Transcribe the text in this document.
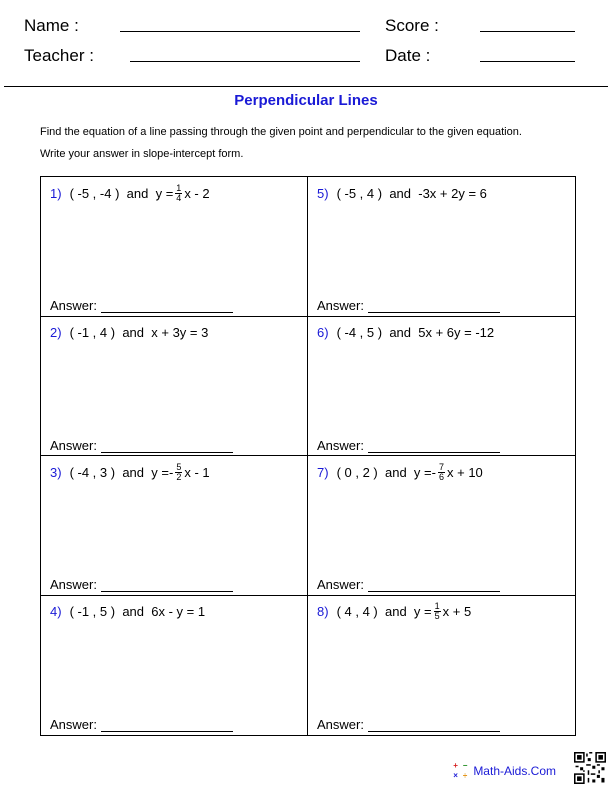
Name :
Teacher :
Score :
Date :
Perpendicular Lines
Find the equation of a line passing through the given point and perpendicular to the given equation.
Write your answer in slope-intercept form.
1) ( -5 , -4 )
and
$y = \frac{1}{4}$ x - 2
Answer:
5) ( -5 , 4 )
and
-3x + 2y = 6
Answer:
2) ( -1 , 4 )
and
x + 3y = 3
Answer:
6) ( -4 , 5 )
and
5x + 6y = -12
Answer:
3) ( -4 , 3 )
and
y = - $\frac{5}{2}$ x - 1
Answer:
7) ( 0 , 2 )
and
y = - $\frac{7}{6}$ x + 10
Answer:
4) ( -1 , 5 )
and
6x - y = 1
Answer:
8) ( 4 , 4 )
and
$y = \frac{1}{5}$ x + 5
Answer:
+ −
× ÷ Math-Aids.Com
